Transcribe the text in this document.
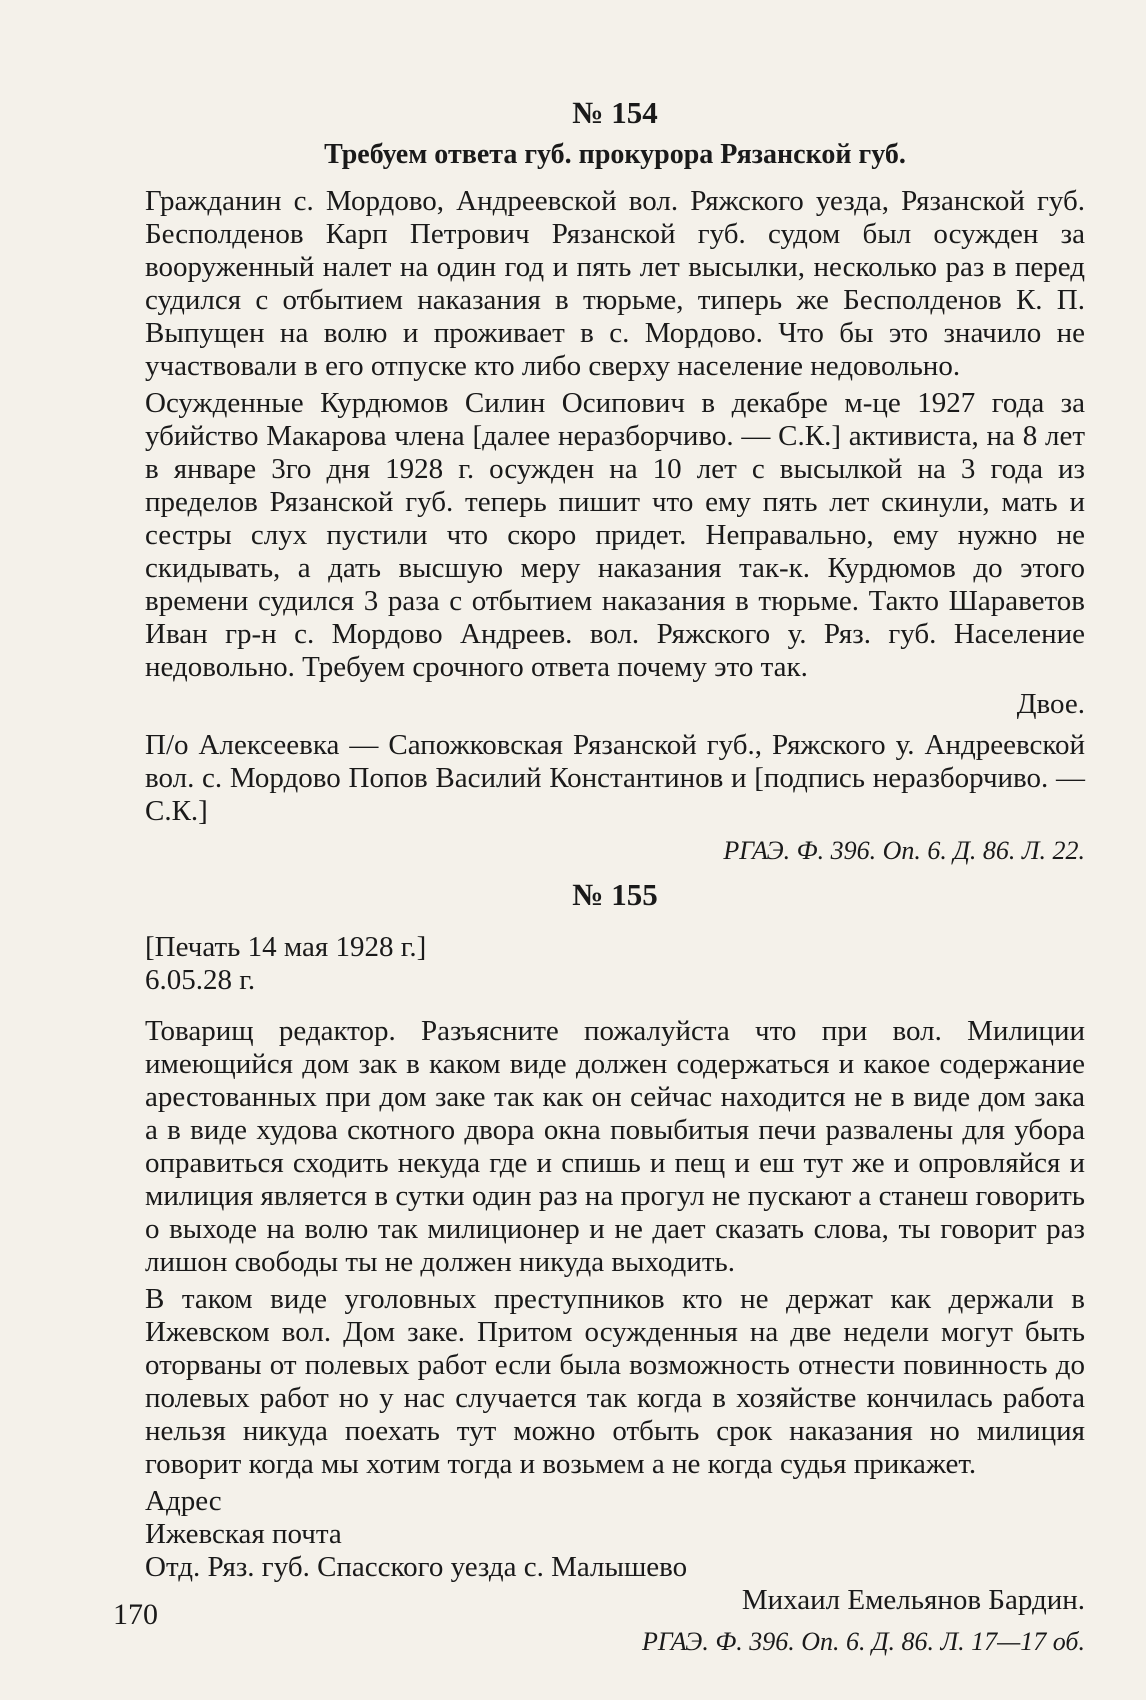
№ 154
Требуем ответа губ. прокурора Рязанской губ.

Гражданин с. Мордово, Андреевской вол. Ряжского уезда, Рязанской губ. Бесполденов Карп Петрович Рязанской губ. судом был осужден за вооруженный налет на один год и пять лет высылки, несколько раз в перед судился с отбытием наказания в тюрьме, типерь же Бесполденов К. П. Выпущен на волю и проживает в с. Мордово. Что бы это значило не участвовали в его отпуске кто либо сверху население недовольно.

Осужденные Курдюмов Силин Осипович в декабре м-це 1927 года за убийство Макарова члена [далее неразборчиво. — С.К.] активиста, на 8 лет в январе 3го дня 1928 г. осужден на 10 лет с высылкой на 3 года из пределов Рязанской губ. теперь пишит что ему пять лет скинули, мать и сестры слух пустили что скоро придет. Неправально, ему нужно не скидывать, а дать высшую меру наказания так-к. Курдюмов до этого времени судился 3 раза с отбытием наказания в тюрьме. Такто Шараветов Иван гр-н с. Мордово Андреев. вол. Ряжского у. Ряз. губ. Население недовольно. Требуем срочного ответа почему это так.

Двое.

П/о Алексеевка — Сапожковская Рязанской губ., Ряжского у. Андреевской вол. с. Мордово Попов Василий Константинов и [подпись неразборчиво. — С.К.]

РГАЭ. Ф. 396. Оп. 6. Д. 86. Л. 22.

№ 155

[Печать 14 мая 1928 г.]

6.05.28 г.

Товарищ редактор. Разъясните пожалуйста что при вол. Милиции имеющийся дом зак в каком виде должен содержаться и какое содержание арестованных при дом заке так как он сейчас находится не в виде дом зака а в виде худова скотного двора окна повыбитыя печи развалены для убора оправиться сходить некуда где и спишь и пещ и еш тут же и опровляйся и милиция является в сутки один раз на прогул не пускают а станеш говорить о выходе на волю так милиционер и не дает сказать слова, ты говорит раз лишон свободы ты не должен никуда выходить.

В таком виде уголовных преступников кто не держат как держали в Ижевском вол. Дом заке. Притом осужденныя на две недели могут быть оторваны от полевых работ если была возможность отнести повинность до полевых работ но у нас случается так когда в хозяйстве кончилась работа нельзя никуда поехать тут можно отбыть срок наказания но милиция говорит когда мы хотим тогда и возьмем а не когда судья прикажет.

Адрес

Ижевская почта

Отд. Ряз. губ. Спасского уезда с. Малышево

Михаил Емельянов Бардин.

РГАЭ. Ф. 396. Оп. 6. Д. 86. Л. 17—17 об.

170
